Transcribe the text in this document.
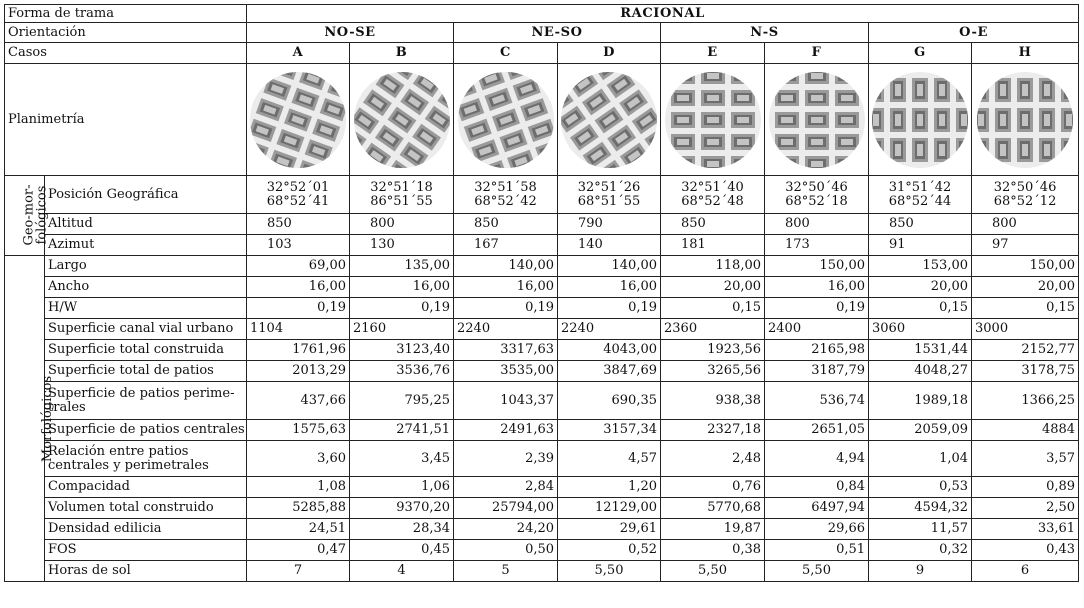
Forma de trama		RACIONAL							
Orientación		NO-SE		NE-SO		N-S		O-E	
Casos		A	B	C	D	E	F	G	H
Planimetría	

Geo-mor-
fológicos	Posición Geográfica	32°52´01 68°52´41	32°51´18 86°51´55	32°51´58 68°52´42	32°51´26 68°51´55	32°51´40 68°52´48	32°50´46 68°52´18	31°51´42 68°52´44	32°50´46 68°52´12
	Altitud	850	800	850	790	850	800	850	800
	Azimut	103	130	167	140	181	173	91	97
Morfológicos	Largo	69,00	135,00	140,00	140,00	118,00	150,00	153,00	150,00
	Ancho	16,00	16,00	16,00	16,00	20,00	16,00	20,00	20,00
	H/W	0,19	0,19	0,19	0,19	0,15	0,19	0,15	0,15
	Superficie canal vial urbano	1104	2160	2240	2240	2360	2400	3060	3000
	Superficie total construida	1761,96	3123,40	3317,63	4043,00	1923,56	2165,98	1531,44	2152,77
	Superficie total de patios	2013,29	3536,76	3535,00	3847,69	3265,56	3187,79	4048,27	3178,75
	Superficie de patios perime-trales	437,66	795,25	1043,37	690,35	938,38	536,74	1989,18	1366,25
	Superficie de patios centrales	1575,63	2741,51	2491,63	3157,34	2327,18	2651,05	2059,09	4884
	Relación entre patios centrales y perimetrales	3,60	3,45	2,39	4,57	2,48	4,94	1,04	3,57
	Compacidad	1,08	1,06	2,84	1,20	0,76	0,84	0,53	0,89
	Volumen total construido	5285,88	9370,20	25794,00	12129,00	5770,68	6497,94	4594,32	2,50
	Densidad edilicia	24,51	28,34	24,20	29,61	19,87	29,66	11,57	33,61
	FOS	0,47	0,45	0,50	0,52	0,38	0,51	0,32	0,43
	Horas de sol	7	4	5	5,50	5,50	5,50	9	6
